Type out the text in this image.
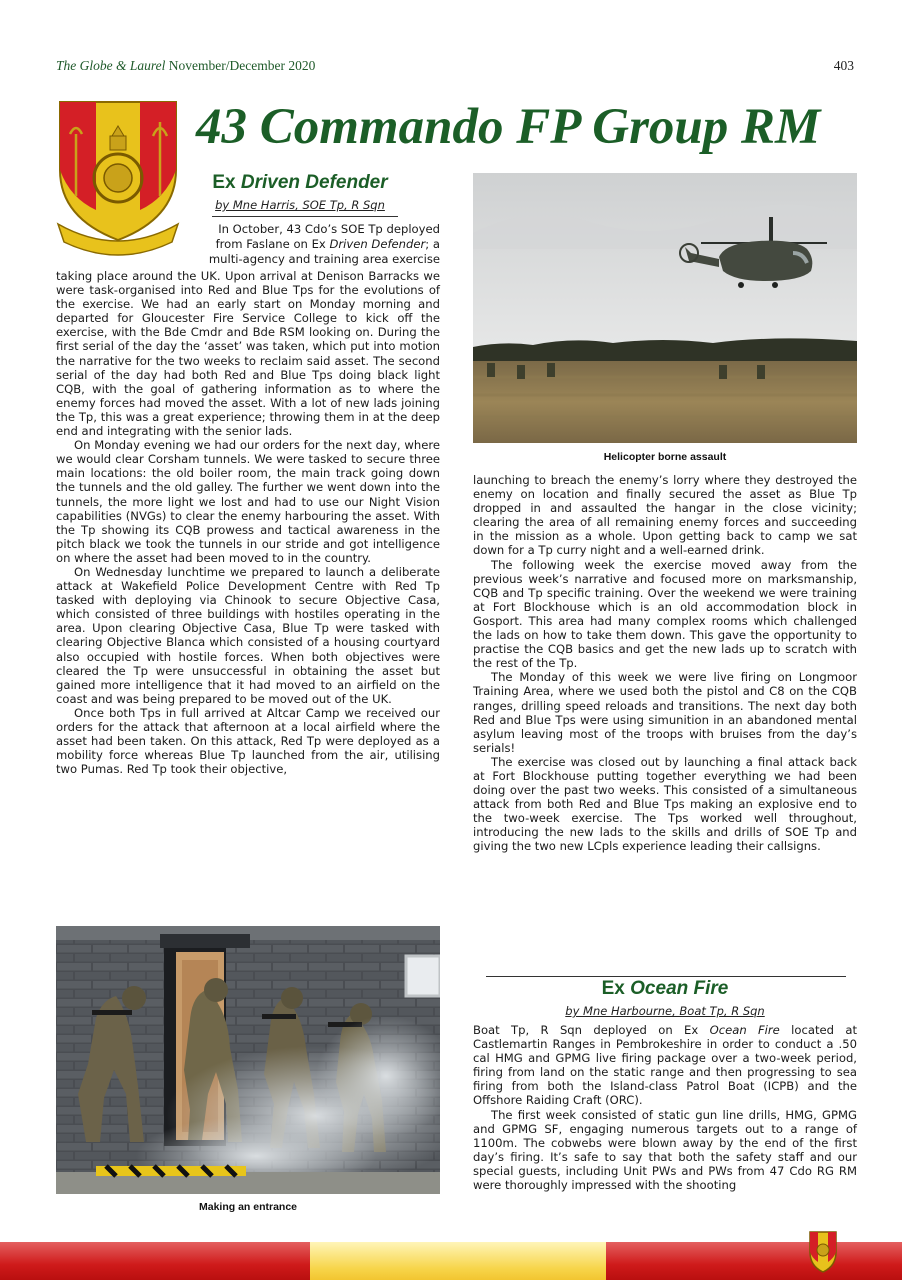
The Globe & Laurel November/December 2020	403
43 Commando FP Group RM
Ex Driven Defender
by Mne Harris, SOE Tp, R Sqn
In October, 43 Cdo’s SOE Tp deployed
from Faslane on Ex Driven Defender; a
multi-agency and training area exercise

taking place around the UK. Upon arrival at Denison Barracks we were task-organised into Red and Blue Tps for the evolutions of the exercise. We had an early start on Monday morning and departed for Gloucester Fire Service College to kick off the exercise, with the Bde Cmdr and Bde RSM looking on. During the first serial of the day the ‘asset’ was taken, which put into motion the narrative for the two weeks to reclaim said asset. The second serial of the day had both Red and Blue Tps doing black light CQB, with the goal of gathering information as to where the enemy forces had moved the asset. With a lot of new lads joining the Tp, this was a great experience; throwing them in at the deep end and integrating with the senior lads.

On Monday evening we had our orders for the next day, where we would clear Corsham tunnels. We were tasked to secure three main locations: the old boiler room, the main track going down the tunnels and the old galley. The further we went down into the tunnels, the more light we lost and had to use our Night Vision capabilities (NVGs) to clear the enemy harbouring the asset. With the Tp showing its CQB prowess and tactical awareness in the pitch black we took the tunnels in our stride and got intelligence on where the asset had been moved to in the country.

On Wednesday lunchtime we prepared to launch a deliberate attack at Wakefield Police Development Centre with Red Tp tasked with deploying via Chinook to secure Objective Casa, which consisted of three buildings with hostiles operating in the area. Upon clearing Objective Casa, Blue Tp were tasked with clearing Objective Blanca which consisted of a housing courtyard also occupied with hostile forces. When both objectives were cleared the Tp were unsuccessful in obtaining the asset but gained more intelligence that it had moved to an airfield on the coast and was being prepared to be moved out of the UK.

Once both Tps in full arrived at Altcar Camp we received our orders for the attack that afternoon at a local airfield where the asset had been taken. On this attack, Red Tp were deployed as a mobility force whereas Blue Tp launched from the air, utilising two Pumas. Red Tp took their objective,

Making an entrance
Helicopter borne assault

launching to breach the enemy’s lorry where they destroyed the enemy on location and finally secured the asset as Blue Tp dropped in and assaulted the hangar in the close vicinity; clearing the area of all remaining enemy forces and succeeding in the mission as a whole. Upon getting back to camp we sat down for a Tp curry night and a well-earned drink.

The following week the exercise moved away from the previous week’s narrative and focused more on marksmanship, CQB and Tp specific training. Over the weekend we were training at Fort Blockhouse which is an old accommodation block in Gosport. This area had many complex rooms which challenged the lads on how to take them down. This gave the opportunity to practise the CQB basics and get the new lads up to scratch with the rest of the Tp.

The Monday of this week we were live firing on Longmoor Training Area, where we used both the pistol and C8 on the CQB ranges, drilling speed reloads and transitions. The next day both Red and Blue Tps were using simunition in an abandoned mental asylum leaving most of the troops with bruises from the day’s serials!

The exercise was closed out by launching a final attack back at Fort Blockhouse putting together everything we had been doing over the past two weeks. This consisted of a simultaneous attack from both Red and Blue Tps making an explosive end to the two-week exercise. The Tps worked well throughout, introducing the new lads to the skills and drills of SOE Tp and giving the two new LCpls experience leading their callsigns.

Ex Ocean Fire
by Mne Harbourne, Boat Tp, R Sqn

Boat Tp, R Sqn deployed on Ex Ocean Fire located at Castlemartin Ranges in Pembrokeshire in order to conduct a .50 cal HMG and GPMG live firing package over a two-week period, firing from land on the static range and then progressing to sea firing from both the Island-class Patrol Boat (ICPB) and the Offshore Raiding Craft (ORC).

The first week consisted of static gun line drills, HMG, GPMG and GPMG SF, engaging numerous targets out to a range of 1100m. The cobwebs were blown away by the end of the first day’s firing. It’s safe to say that both the safety staff and our special guests, including Unit PWs and PWs from 47 Cdo RG RM were thoroughly impressed with the shooting
